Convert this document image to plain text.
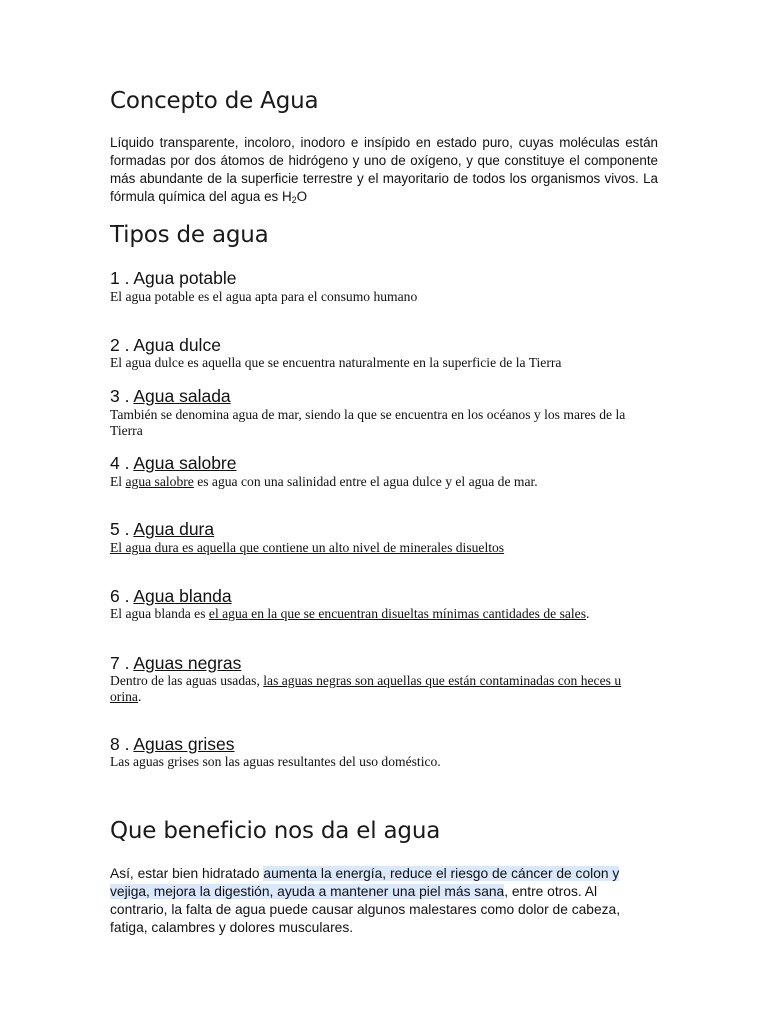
Concepto de Agua
Líquido transparente, incoloro, inodoro e insípido en estado puro, cuyas moléculas están formadas por dos átomos de hidrógeno y uno de oxígeno, y que constituye el componente más abundante de la superficie terrestre y el mayoritario de todos los organismos vivos. La fórmula química del agua es $H_2O$
Tipos de agua
1 . Agua potable
El agua potable es el agua apta para el consumo humano
2 . Agua dulce
El agua dulce es aquella que se encuentra naturalmente en la superficie de la Tierra
3 . Agua salada
También se denomina agua de mar, siendo la que se encuentra en los océanos y los mares de la Tierra
4 . Agua salobre
El agua salobre es agua con una salinidad entre el agua dulce y el agua de mar.
5 . Agua dura
El agua dura es aquella que contiene un alto nivel de minerales disueltos
6 . Agua blanda
El agua blanda es el agua en la que se encuentran disueltas mínimas cantidades de sales.
7 . Aguas negras
Dentro de las aguas usadas, las aguas negras son aquellas que están contaminadas con heces u orina.
8 . Aguas grises
Las aguas grises son las aguas resultantes del uso doméstico.
Que beneficio nos da el agua
Así, estar bien hidratado aumenta la energía, reduce el riesgo de cáncer de colon y vejiga, mejora la digestión, ayuda a mantener una piel más sana, entre otros. Al contrario, la falta de agua puede causar algunos malestares como dolor de cabeza, fatiga, calambres y dolores musculares.
